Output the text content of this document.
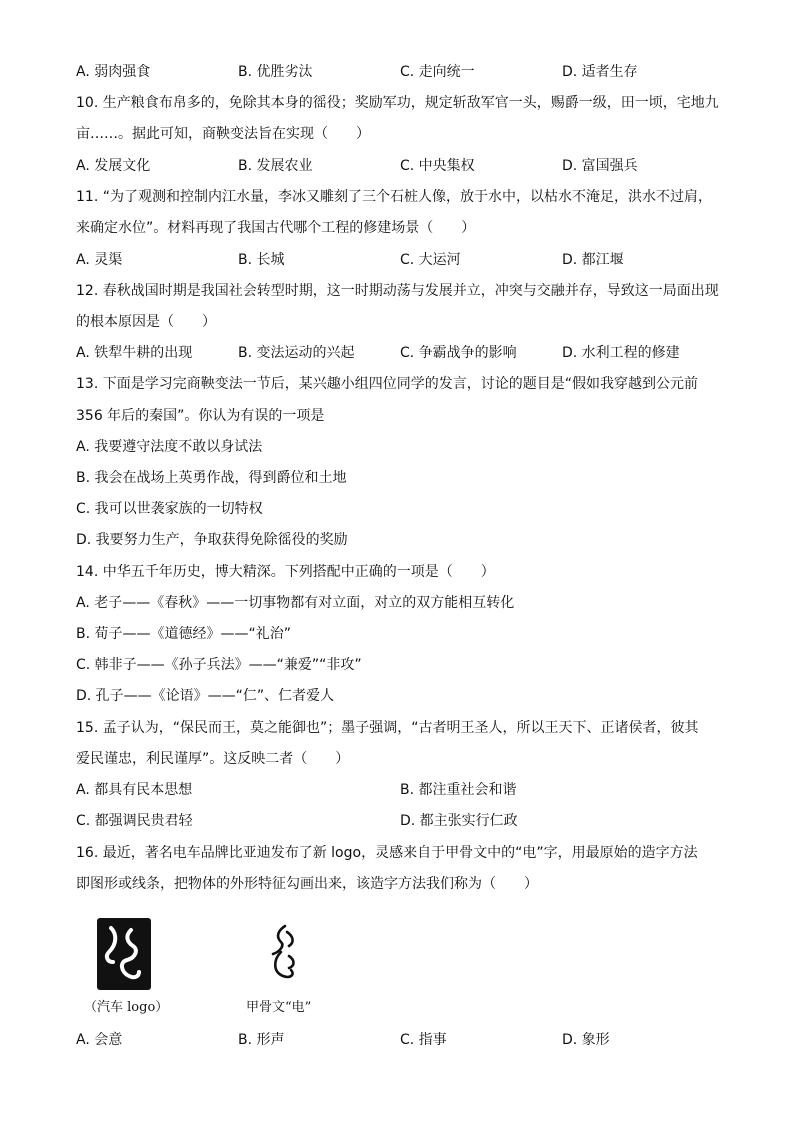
A. 弱肉强食	B. 优胜劣汰	C. 走向统一	D. 适者生存
10. 生产粮食布帛多的，免除其本身的徭役；奖励军功，规定斩敌军官一头，赐爵一级，田一顷，宅地九
亩……。据此可知，商鞅变法旨在实现（　　）
A. 发展文化	B. 发展农业	C. 中央集权	D. 富国强兵
11. “为了观测和控制内江水量，李冰又雕刻了三个石桩人像，放于水中，以枯水不淹足，洪水不过肩，
来确定水位”。材料再现了我国古代哪个工程的修建场景（　　）
A. 灵渠	B. 长城	C. 大运河	D. 都江堰
12. 春秋战国时期是我国社会转型时期，这一时期动荡与发展并立，冲突与交融并存，导致这一局面出现
的根本原因是（　　）
A. 铁犁牛耕的出现	B. 变法运动的兴起	C. 争霸战争的影响	D. 水利工程的修建
13. 下面是学习完商鞅变法一节后，某兴趣小组四位同学的发言，讨论的题目是“假如我穿越到公元前
356 年后的秦国”。你认为有误的一项是
A. 我要遵守法度不敢以身试法
B. 我会在战场上英勇作战，得到爵位和土地
C. 我可以世袭家族的一切特权
D. 我要努力生产，争取获得免除徭役的奖励
14. 中华五千年历史，博大精深。下列搭配中正确的一项是（　　）
A. 老子——《春秋》——一切事物都有对立面，对立的双方能相互转化
B. 荀子——《道德经》——“礼治”
C. 韩非子——《孙子兵法》——“兼爱”“非攻”
D. 孔子——《论语》——“仁”、仁者爱人
15. 孟子认为，“保民而王，莫之能御也”；墨子强调，“古者明王圣人，所以王天下、正诸侯者，彼其
爱民谨忠，利民谨厚”。这反映二者（　　）
A. 都具有民本思想	B. 都注重社会和谐
C. 都强调民贵君轻	D. 都主张实行仁政
16. 最近，著名电车品牌比亚迪发布了新 logo，灵感来自于甲骨文中的“电”字，用最原始的造字方法
即图形或线条，把物体的外形特征勾画出来，该造字方法我们称为（　　）
（汽车 logo）	甲骨文“电”
A. 会意	B. 形声	C. 指事	D. 象形
